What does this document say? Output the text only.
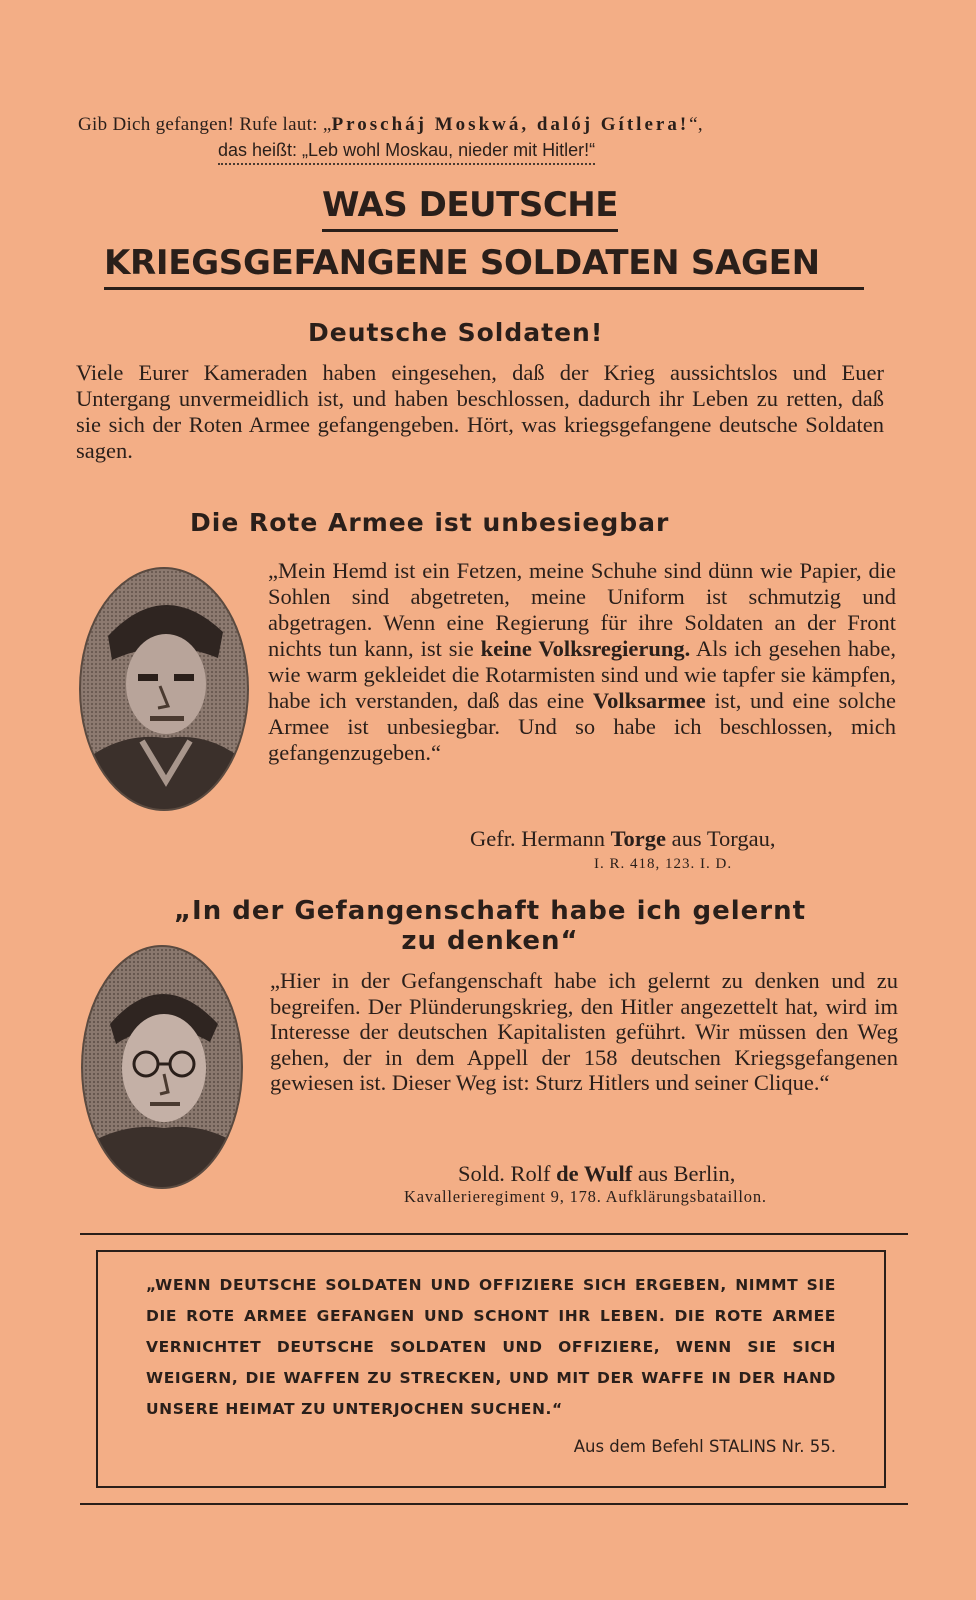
Gib Dich gefangen! Rufe laut: „Proscháj Moskwá, dalój Gítlera!“,
das heißt: „Leb wohl Moskau, nieder mit Hitler!“
WAS DEUTSCHE
KRIEGSGEFANGENE SOLDATEN SAGEN
Deutsche Soldaten!
Viele Eurer Kameraden haben eingesehen, daß der Krieg aussichtslos und Euer Untergang unvermeidlich ist, und haben beschlossen, dadurch ihr Leben zu retten, daß sie sich der Roten Armee gefangengeben. Hört, was kriegsgefangene deutsche Soldaten sagen.
Die Rote Armee ist unbesiegbar

„Mein Hemd ist ein Fetzen, meine Schuhe sind dünn wie Papier, die Sohlen sind abgetreten, meine Uniform ist schmutzig und abgetragen. Wenn eine Regierung für ihre Soldaten an der Front nichts tun kann, ist sie keine Volksregierung. Als ich gesehen habe, wie warm gekleidet die Rotarmisten sind und wie tapfer sie kämpfen, habe ich verstanden, daß das eine Volksarmee ist, und eine solche Armee ist unbesiegbar. Und so habe ich beschlossen, mich gefangenzugeben.“

Gefr. Hermann Torge aus Torgau,
I. R. 418, 123. I. D.
„In der Gefangenschaft habe ich gelernt
zu denken“

„Hier in der Gefangenschaft habe ich gelernt zu denken und zu begreifen. Der Plünderungskrieg, den Hitler angezettelt hat, wird im Interesse der deutschen Kapitalisten geführt. Wir müssen den Weg gehen, der in dem Appell der 158 deutschen Kriegsgefangenen gewiesen ist. Dieser Weg ist: Sturz Hitlers und seiner Clique.“

Sold. Rolf de Wulf aus Berlin,
Kavallerieregiment 9, 178. Aufklärungsbataillon.
„WENN DEUTSCHE SOLDATEN UND OFFIZIERE SICH ERGEBEN, NIMMT SIE DIE ROTE ARMEE GEFANGEN UND SCHONT IHR LEBEN. DIE ROTE ARMEE VERNICHTET DEUTSCHE SOLDATEN UND OFFIZIERE, WENN SIE SICH WEIGERN, DIE WAFFEN ZU STRECKEN, UND MIT DER WAFFE IN DER HAND UNSERE HEIMAT ZU UNTERJOCHEN SUCHEN.“
Aus dem Befehl STALINS Nr. 55.
